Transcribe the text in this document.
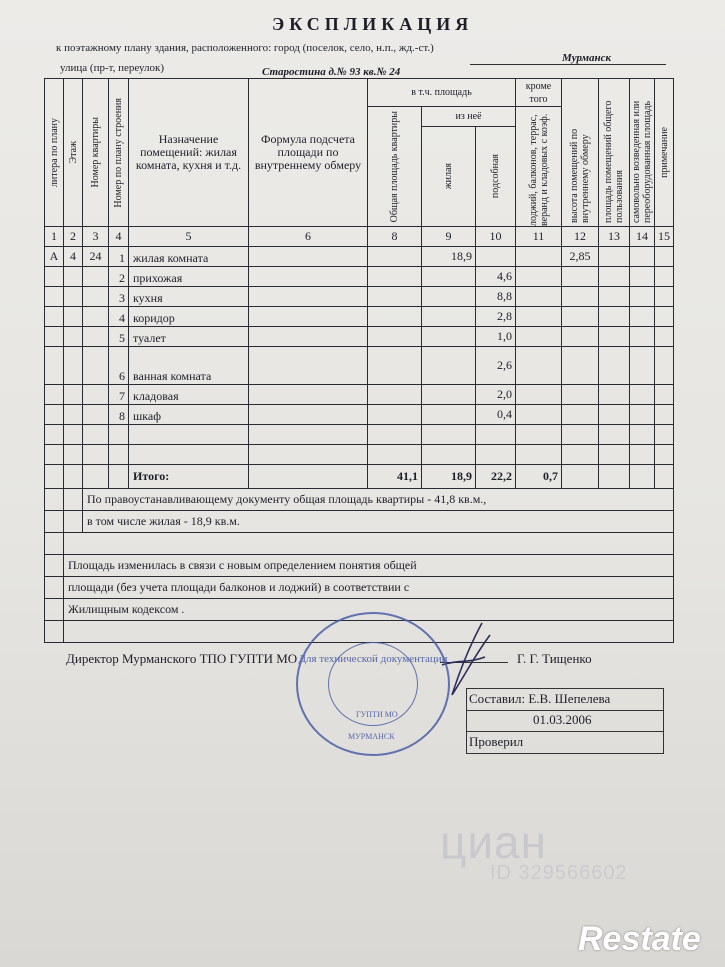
ЭКСПЛИКАЦИЯ
к поэтажному плану здания, расположенного: город (поселок, село, н.п., жд.-ст.)
Мурманск
улица (пр-т, переулок)	Старостина д.№ 93 кв.№ 24
литера по плану	Этаж	Номер квартиры	Номер по плану строения	Назначение помещений: жилая комната, кухня и т.д.	Формула подсчета площади по внутреннему обмеру	в т.ч. площадь			кроме того	высота помещений по внутреннему обмеру	площадь помещений общего пользования	самовольно возведенная или переоборудованная площадь	примечание

						Общая площадь квартиры	из неё		лоджий, балконов, террас, веранд и кладовых с коэф.				

							жилая	подсобная					

1	2	3	4	5	6	8	9	10	11	12	13	14	15
А	4	24	1	жилая комната			18,9			2,85			
			2	прихожая				4,6					
			3	кухня				8,8					
			4	коридор				2,8					
			5	туалет				1,0					
			6	ванная комната				2,6					
			7	кладовая				2,0					
			8	шкаф				0,4					

				Итого:		41,1	18,9	22,2	0,7				
		По правоустанавливающему документу общая площадь квартиры - 41,8 кв.м.,											
		в том числе жилая - 18,9 кв.м.											

	Площадь изменилась в связи с новым определением понятия общей												
	площади (без учета площади балконов и лоджий) в соответствии с												
	Жилищным кодексом .												

циан
ID 329566602
Restate
Директор Мурманского ТПО ГУПТИ МО	Г. Г. Тищенко
Для технической документации
ГУПТИ МО
МУРМАНСК
Составил: Е.В. Шепелева
01.03.2006
Проверил
